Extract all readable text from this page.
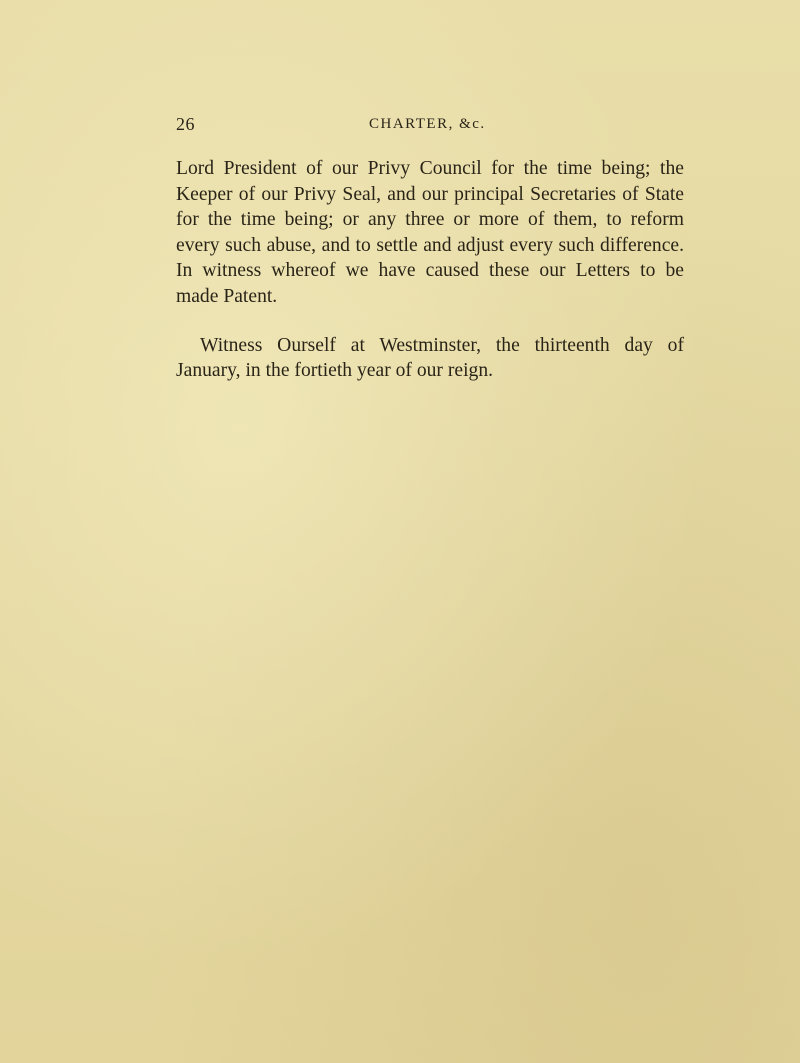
26	CHARTER, &c.

Lord President of our Privy Council for the time being; the
Keeper of our Privy Seal, and our principal Secretaries of State
for the time being; or any three or more of them, to reform
every such abuse, and to settle and adjust every such difference.
In witness whereof we have caused these our Letters to be
made Patent.

Witness Ourself at Westminster, the thirteenth day of
January, in the fortieth year of our reign.
